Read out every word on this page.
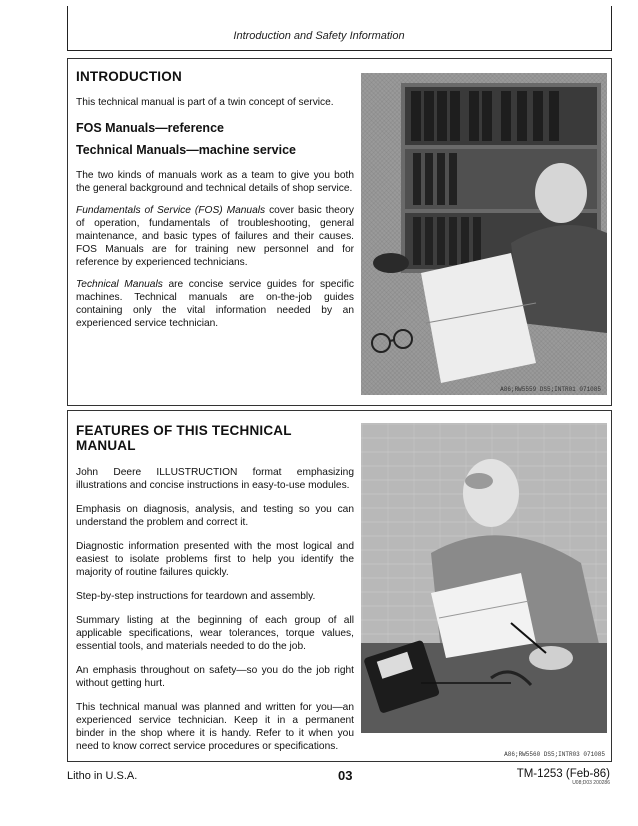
Introduction and Safety Information
INTRODUCTION

This technical manual is part of a twin concept of service.

FOS Manuals—reference
Technical Manuals—machine service

The two kinds of manuals work as a team to give you both the general background and technical details of shop service.

Fundamentals of Service (FOS) Manuals cover basic theory of operation, fundamentals of troubleshooting, general maintenance, and basic types of failures and their causes. FOS Manuals are for training new personnel and for reference by experienced technicians.

Technical Manuals are concise service guides for specific machines. Technical manuals are on-the-job guides containing only the vital information needed by an experienced service technician.

A86;RW5559 DS5;INTR01 071085
FEATURES OF THIS TECHNICAL MANUAL

John Deere ILLUSTRUCTION format emphasizing illustrations and concise instructions in easy-to-use modules.

Emphasis on diagnosis, analysis, and testing so you can understand the problem and correct it.

Diagnostic information presented with the most logical and easiest to isolate problems first to help you identify the majority of routine failures quickly.

Step-by-step instructions for teardown and assembly.

Summary listing at the beginning of each group of all applicable specifications, wear tolerances, torque values, essential tools, and materials needed to do the job.

An emphasis throughout on safety—so you do the job right without getting hurt.

This technical manual was planned and written for you—an experienced service technician. Keep it in a permanent binder in the shop where it is handy. Refer to it when you need to know correct service procedures or specifications.

A86;RW5560 DS5;INTR03 071085
Litho in U.S.A.	03	TM-1253 (Feb-86)
U08;D03 200286
